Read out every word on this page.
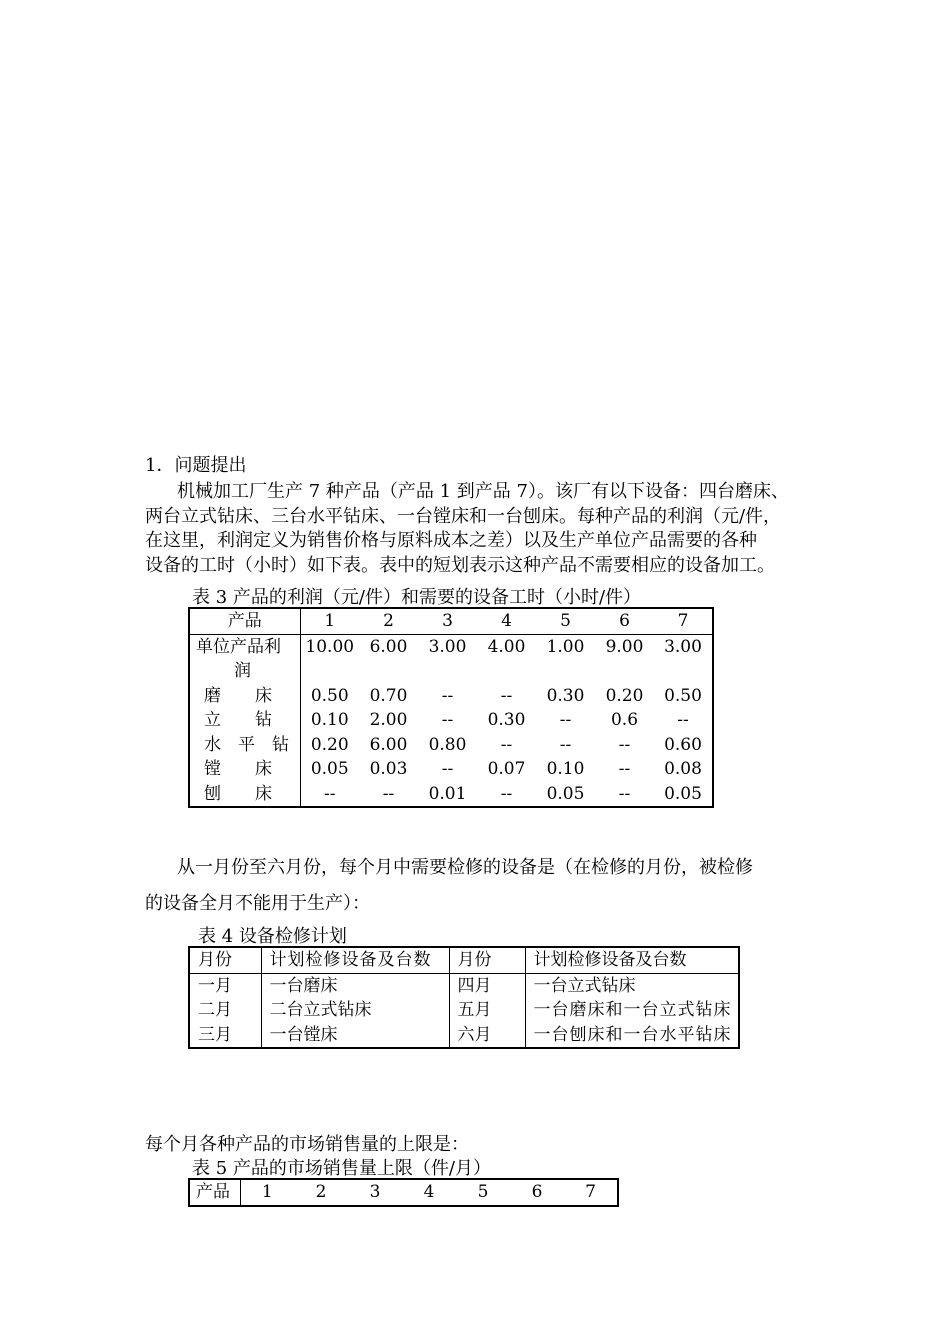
1．问题提出
机械加工厂生产 7 种产品（产品 1 到产品 7）。该厂有以下设备：四台磨床、
两台立式钻床、三台水平钻床、一台镗床和一台刨床。每种产品的利润（元/件，
在这里，利润定义为销售价格与原料成本之差）以及生产单位产品需要的各种
设备的工时（小时）如下表。表中的短划表示这种产品不需要相应的设备加工。
表 3 产品的利润（元/件）和需要的设备工时（小时/件）
产品	1	2	3	4	5	6	7

单位产品利
润	10.00	6.00	3.00	4.00	1.00	9.00	3.00
磨　　床	0.50	0.70	--	--	0.30	0.20	0.50
立　　钻	0.10	2.00	--	0.30	--	0.6	--
水　平　钻	0.20	6.00	0.80	--	--	--	0.60
镗　　床	0.05	0.03	--	0.07	0.10	--	0.08
刨　　床	--	--	0.01	--	0.05	--	0.05
从一月份至六月份，每个月中需要检修的设备是（在检修的月份，被检修
的设备全月不能用于生产）：
表 4 设备检修计划
月份	计划检修设备及台数	月份	计划检修设备及台数
一月	一台磨床	四月	一台立式钻床
二月	二台立式钻床	五月	一台磨床和一台立式钻床
三月	一台镗床	六月	一台刨床和一台水平钻床
每个月各种产品的市场销售量的上限是：
表 5 产品的市场销售量上限（件/月）
产品	1	2	3	4	5	6	7
